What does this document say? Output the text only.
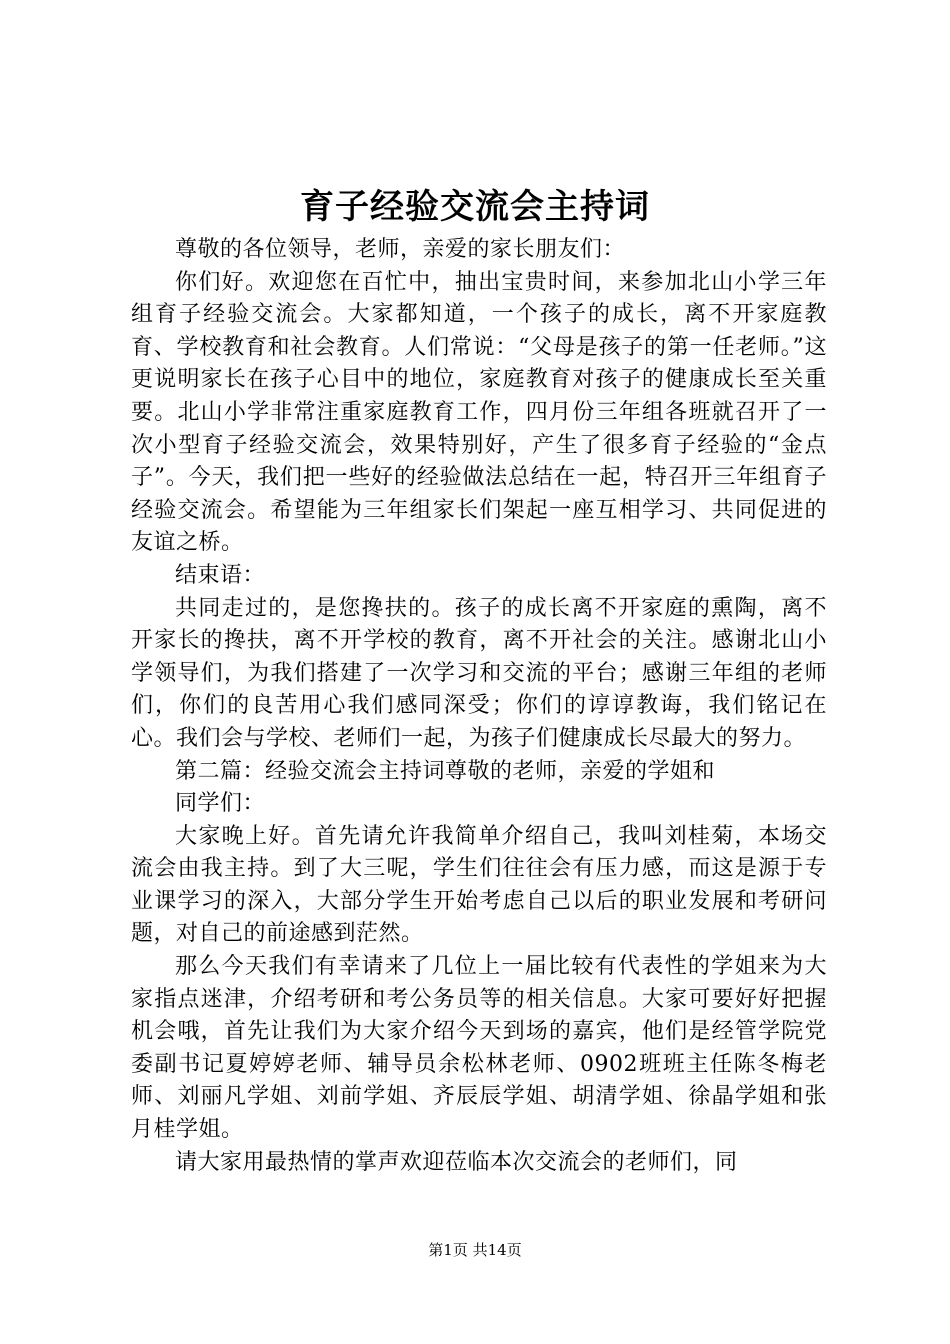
育子经验交流会主持词

尊敬的各位领导，老师，亲爱的家长朋友们：

你们好。欢迎您在百忙中，抽出宝贵时间，来参加北山小学三年组育子经验交流会。大家都知道，一个孩子的成长，离不开家庭教育、学校教育和社会教育。人们常说：“父母是孩子的第一任老师。”这更说明家长在孩子心目中的地位，家庭教育对孩子的健康成长至关重要。北山小学非常注重家庭教育工作，四月份三年组各班就召开了一次小型育子经验交流会，效果特别好，产生了很多育子经验的“金点子”。今天，我们把一些好的经验做法总结在一起，特召开三年组育子经验交流会。希望能为三年组家长们架起一座互相学习、共同促进的友谊之桥。

结束语：

共同走过的，是您搀扶的。孩子的成长离不开家庭的熏陶，离不开家长的搀扶，离不开学校的教育，离不开社会的关注。感谢北山小学领导们，为我们搭建了一次学习和交流的平台；感谢三年组的老师们，你们的良苦用心我们感同深受；你们的谆谆教诲，我们铭记在心。我们会与学校、老师们一起，为孩子们健康成长尽最大的努力。

第二篇：经验交流会主持词尊敬的老师，亲爱的学姐和

同学们：

大家晚上好。首先请允许我简单介绍自己，我叫刘桂菊，本场交流会由我主持。到了大三呢，学生们往往会有压力感，而这是源于专业课学习的深入，大部分学生开始考虑自己以后的职业发展和考研问题，对自己的前途感到茫然。

那么今天我们有幸请来了几位上一届比较有代表性的学姐来为大家指点迷津，介绍考研和考公务员等的相关信息。大家可要好好把握机会哦，首先让我们为大家介绍今天到场的嘉宾，他们是经管学院党委副书记夏婷婷老师、辅导员余松林老师、0902班班主任陈冬梅老师、刘丽凡学姐、刘前学姐、齐辰辰学姐、胡清学姐、徐晶学姐和张月桂学姐。

请大家用最热情的掌声欢迎莅临本次交流会的老师们，同

第1页 共14页
